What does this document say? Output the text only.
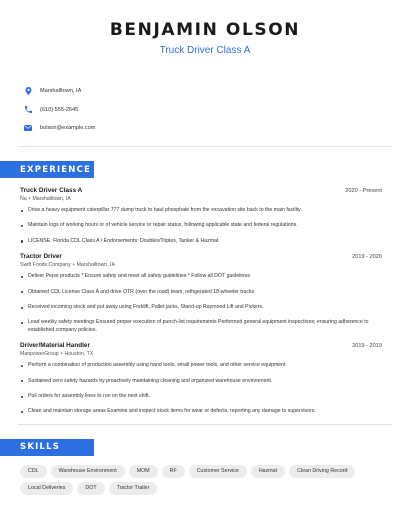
BENJAMIN OLSON
Truck Driver Class A
Marshalltown, IA
(610) 555-2645
bolson@example.com
EXPERIENCE
Truck Driver Class A	2020 - Present
Na • Marshalltown, IA
Drive a heavy equipment caterpillar 777 dump truck to haul phosphate from the excavation site back to the main facility.
Maintain logs of working hours or of vehicle service or repair status, following applicable state and federal regulations.
LICENSE: Florida CDL Class A / Endorsements: Doubles/Triples, Tanker & Hazmat
Tractor Driver	2019 - 2020
Swift Foods Company • Marshalltown, IA
Deliver Pepsi products * Ensure safety and meet all safety guidelines * Follow all DOT guidelines
Obtained CDL License Class A and drive OTR (over the road) team, refrigerated 18-wheeler trucks
Received incoming stock and put away using Forklift, Pallet jacks, Stand-up Raymond Lift and Pickers.
Lead weekly safety meetings Ensured proper execution of punch-list requirements Performed general equipment inspections; ensuring adherence to established company policies.
Driver/Material Handler	2019 - 2019
ManpowerGroup • Houston, TX
Perform a combination of production assembly using hand tools, small power tools, and other service equipment.
Sustained zero safety hazards by proactively maintaining cleaning and organized warehouse environment.
Pull orders for assembly lines to run on the next shift.
Clean and maintain storage areas Examine and inspect stock items for wear or defects, reporting any damage to supervisors.
SKILLS
CDL	Warehouse Environment	MOM	RF	Customer Service	Hazmat	Clean Driving Record
Local Deliveries	DOT	Tractor Trailer
